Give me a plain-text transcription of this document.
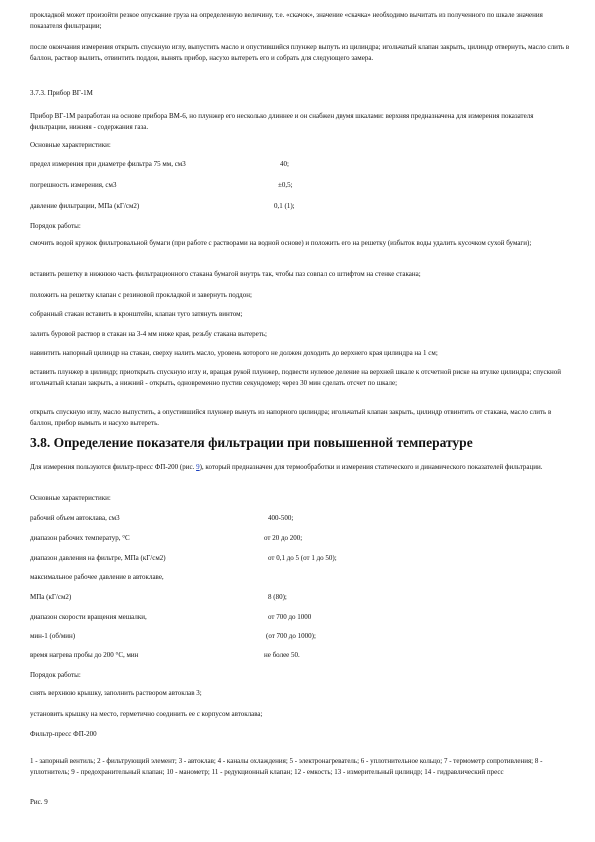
прокладкой может произойти резкое опускание груза на определенную величину, т.е. «скачок», значение «скачка» необходимо вычитать из полученного по шкале значения показателя фильтрации;

после окончания измерения открыть спускную иглу, выпустить масло и опустившийся плунжер выпуть из цилиндра; игольчатый клапан закрыть, цилиндр отвернуть, масло слить в баллон, раствор вылить, отвинтить поддон, вынять прибор, насухо вытереть его и собрать для следующего замера.

3.7.3. Прибор ВГ-1М

Прибор ВГ-1М разработан на основе прибора ВМ-6, но плунжер его несколько длиннее и он снабжен двумя шкалами: верхняя предназначена для измерения показателя фильтрации, нижняя - содержания газа.

Основные характеристики:

предел измерения при диаметре фильтра 75 мм, см3	40;
погрешность измерения, см3	±0,5;
давление фильтрации, МПа (кГ/см2)	0,1 (1);

Порядок работы:

смочить водой кружок фильтровальной бумаги (при работе с растворами на водной основе) и положить его на решетку (избыток воды удалить кусочком сухой бумаги);

вставить решетку в нижнюю часть фильтрационного стакана бумагой внутрь так, чтобы паз совпал со штифтом на стенке стакана;

положить на решетку клапан с резиновой прокладкой и завернуть поддон;

собранный стакан вставить в кронштейн, клапан туго затянуть винтом;

залить буровой раствор в стакан на 3-4 мм ниже края, резьбу стакана вытереть;

навинтить напорный цилиндр на стакан, сверху налить масло, уровень которого не должен доходить до верхнего края цилиндра на 1 см;

вставить плунжер в цилиндр; приоткрыть спускную иглу и, вращая рукой плунжер, подвести нулевое деление на верхней шкале к отсчетной риске на втулке цилиндра; спускной игольчатый клапан закрыть, а нижний - открыть, одновременно пустив секундомер; через 30 мин сделать отсчет по шкале;

открыть спускную иглу, масло выпустить, а опустившийся плунжер вынуть из напорного цилиндра; игольчатый клапан закрыть, цилиндр отвинтить от стакана, масло слить в баллон, прибор вымыть и насухо вытереть.

3.8. Определение показателя фильтрации при повышенной температуре

Для измерения пользуются фильтр-пресс ФП-200 (рис. 9), который предназначен для термообработки и измерения статического и динамического показателей фильтрации.

Основные характеристики:

рабочий объем автоклава, см3	400-500;
диапазон рабочих температур, °С	от 20 до 200;
диапазон давления на фильтре, МПа (кГ/см2)	от 0,1 до 5 (от 1 до 50);
максимальное рабочее давление в автоклаве,
МПа (кГ/см2)	8 (80);
диапазон скорости вращения мешалки,	от 700 до 1000
мин-1 (об/мин)	(от 700 до 1000);
время нагрева пробы до 200 °С, мин	не более 50.

Порядок работы:

снять верхнюю крышку, заполнить раствором автоклав 3;

установить крышку на место, герметично соединить ее с корпусом автоклава;

Фильтр-пресс ФП-200

1 - запорный вентиль; 2 - фильтрующий элемент; 3 - автоклав; 4 - каналы охлаждения; 5 - электронагреватель; 6 - уплотнительное кольцо; 7 - термометр сопротивления; 8 - уплотнитель; 9 - предохранительный клапан; 10 - манометр; 11 - редукционный клапан; 12 - емкость; 13 - измерительный цилиндр; 14 - гидравлический пресс

Рис. 9
